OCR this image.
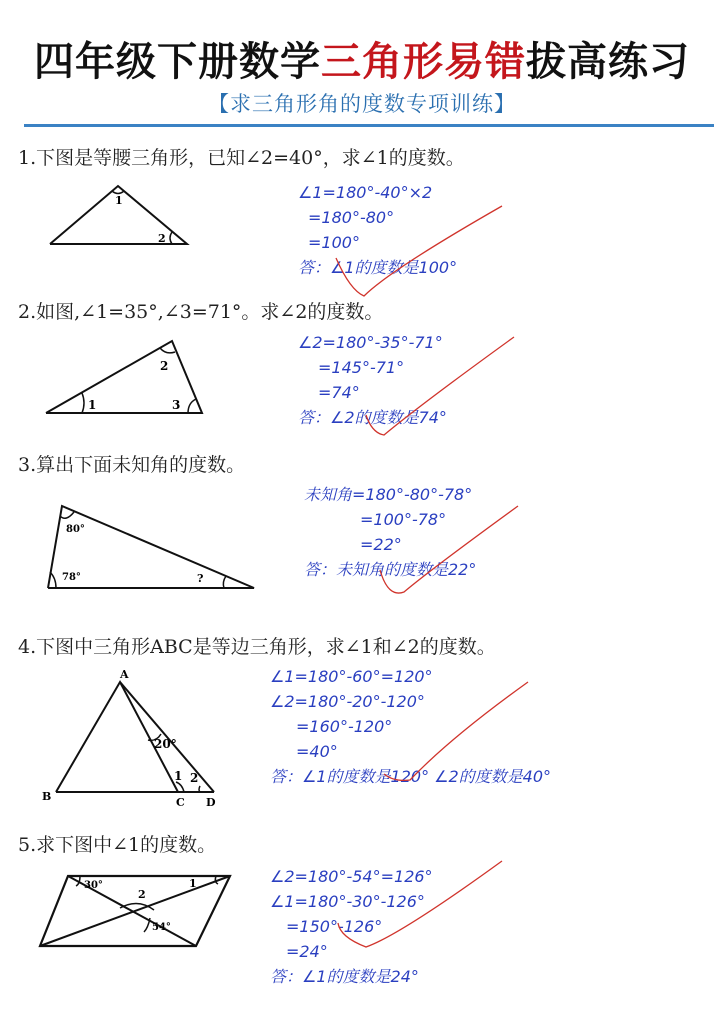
四年级下册数学三角形易错拔高练习
【求三角形角的度数专项训练】
1.下图是等腰三角形，已知∠2=40°，求∠1的度数。
1
2
∠1=180°-40°×2
=180°-80°
=100°
答：∠1的度数是100°
2.如图,∠1=35°,∠3=71°。求∠2的度数。
1
2
3
∠2=180°-35°-71°
=145°-71°
=74°
答：∠2的度数是74°
3.算出下面未知角的度数。
80°
78°	?
未知角=180°-80°-78°
=100°-78°
=22°
答：未知角的度数是22°
4.下图中三角形ABC是等边三角形，求∠1和∠2的度数。
A
B	C D
20°
1 2
∠1=180°-60°=120°
∠2=180°-20°-120°
=160°-120°
=40°
答：∠1的度数是120° ∠2的度数是40°
5.求下图中∠1的度数。
30°	1
2
54°
∠2=180°-54°=126°
∠1=180°-30°-126°
=150°-126°
=24°
答：∠1的度数是24°
